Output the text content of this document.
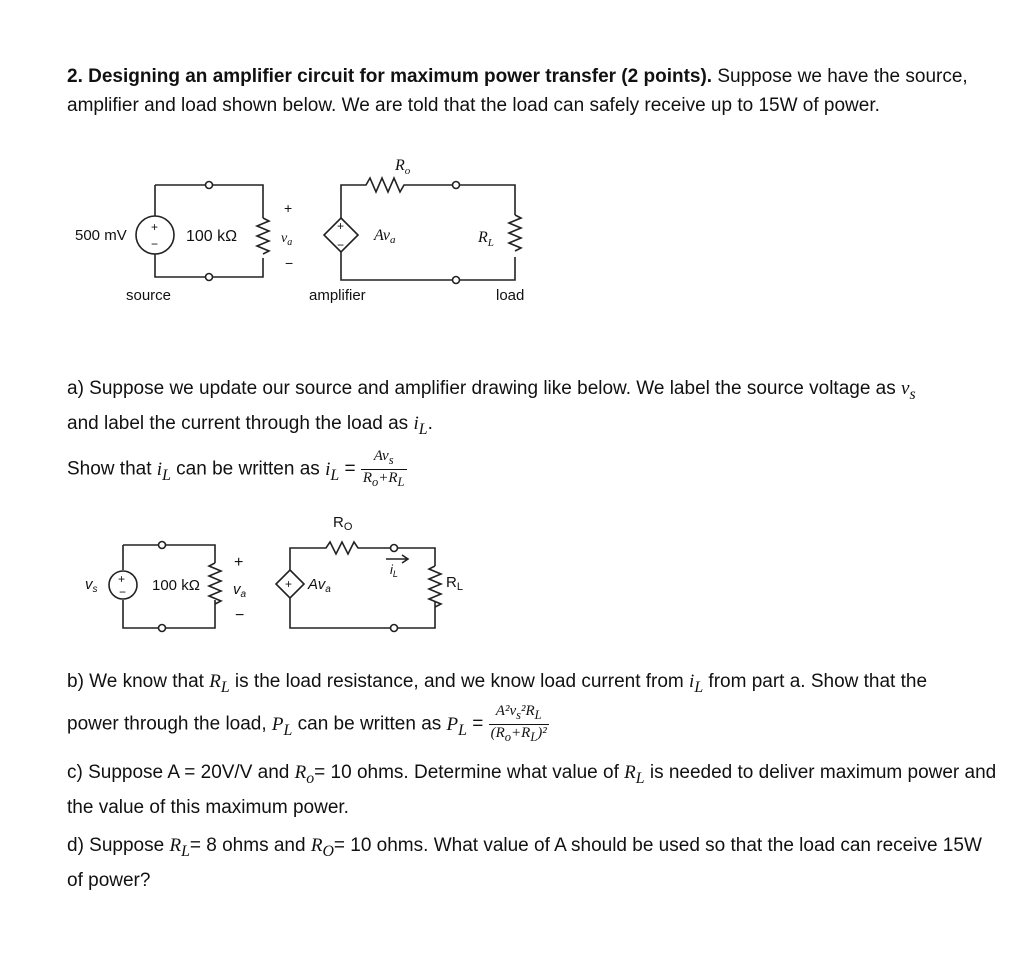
2. Designing an amplifier circuit for maximum power transfer (2 points). Suppose we have the source, amplifier and load shown below. We are told that the load can safely receive up to 15W of power.
+
−
+
−
500 mV	100 kΩ
+
$v_a$
−
$R_o$
Ava	$R_L$
source	amplifier	load
$v_s$
+
− 100 kΩ
+
$v_a$
−
$R_O$
+ $Av_a$
$i_L$	$R_L$
a) Suppose we update our source and amplifier drawing like below. We label the source voltage as $v_s$
and label the current through the load as $i_L$.
Show that $i_L$ can be written as $i_L = \frac{Av_s}{R_o+R_L}$
b) We know that $R_L$ is the load resistance, and we know load current from $i_L$ from part a. Show that the
power through the load, $P_L$ can be written as $P_L = \frac{A^2v_s^2R_L}{(R_o+R_L)^2}$
c) Suppose A = 20V/V and $R_o= 10$ ohms. Determine what value of $R_L$ is needed to deliver maximum power and the value of this maximum power.
d) Suppose $R_L= 8$ ohms and $R_O= 10$ ohms. What value of A should be used so that the load can receive 15W of power?
